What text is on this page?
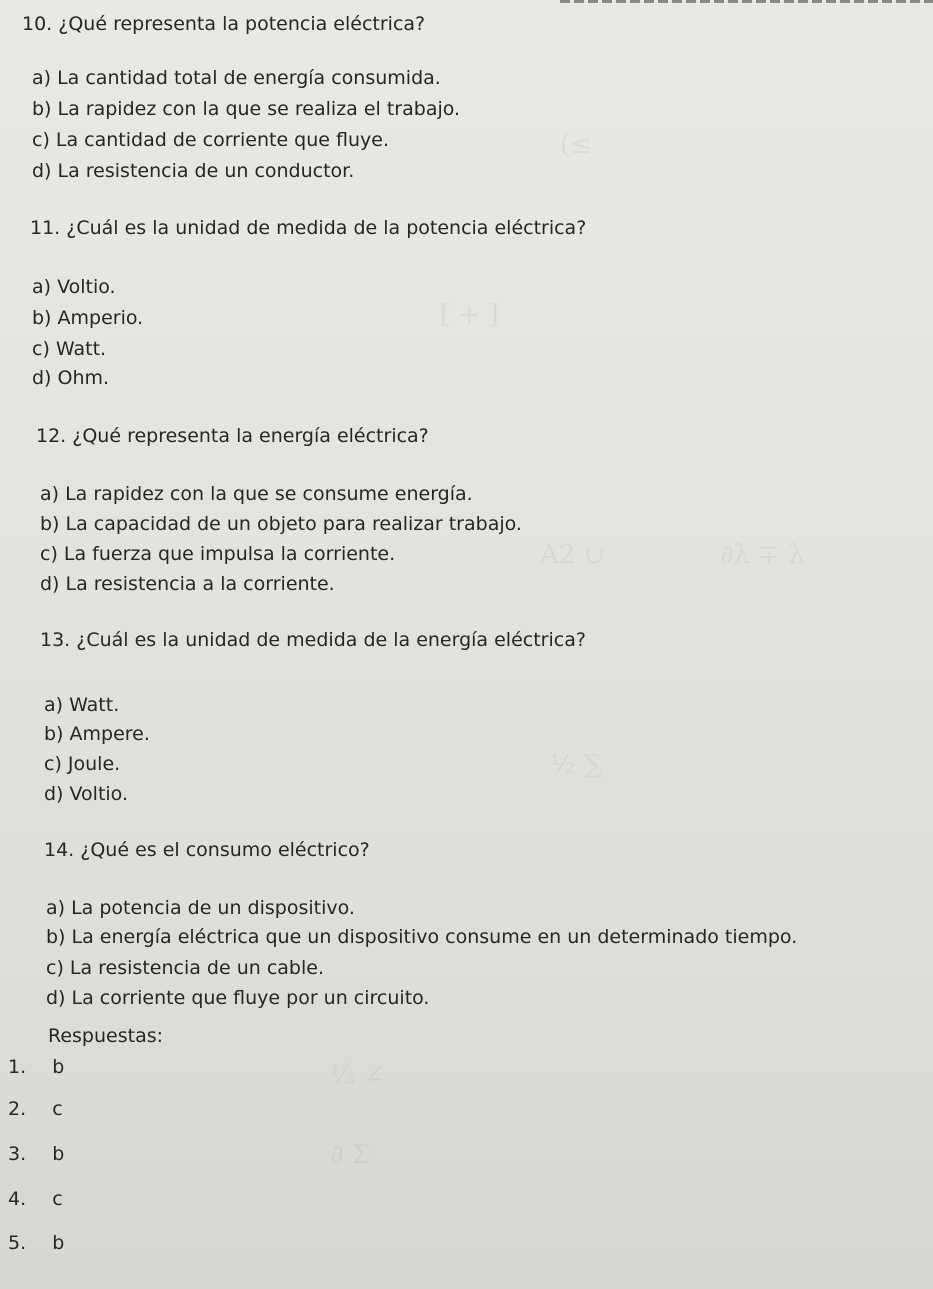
(≤
[ + ]
A2 ∪	∂λ ∓ λ
½ ∑
⅓ ∠
∂ Σ
10. ¿Qué representa la potencia eléctrica?
a) La cantidad total de energía consumida.
b) La rapidez con la que se realiza el trabajo.
c) La cantidad de corriente que fluye.
d) La resistencia de un conductor.
11. ¿Cuál es la unidad de medida de la potencia eléctrica?
a) Voltio.
b) Amperio.
c) Watt.
d) Ohm.
12. ¿Qué representa la energía eléctrica?
a) La rapidez con la que se consume energía.
b) La capacidad de un objeto para realizar trabajo.
c) La fuerza que impulsa la corriente.
d) La resistencia a la corriente.
13. ¿Cuál es la unidad de medida de la energía eléctrica?
a) Watt.
b) Ampere.
c) Joule.
d) Voltio.
14. ¿Qué es el consumo eléctrico?
a) La potencia de un dispositivo.
b) La energía eléctrica que un dispositivo consume en un determinado tiempo.
c) La resistencia de un cable.
d) La corriente que fluye por un circuito.
Respuestas:
1. b
2. c
3. b
4. c
5. b
